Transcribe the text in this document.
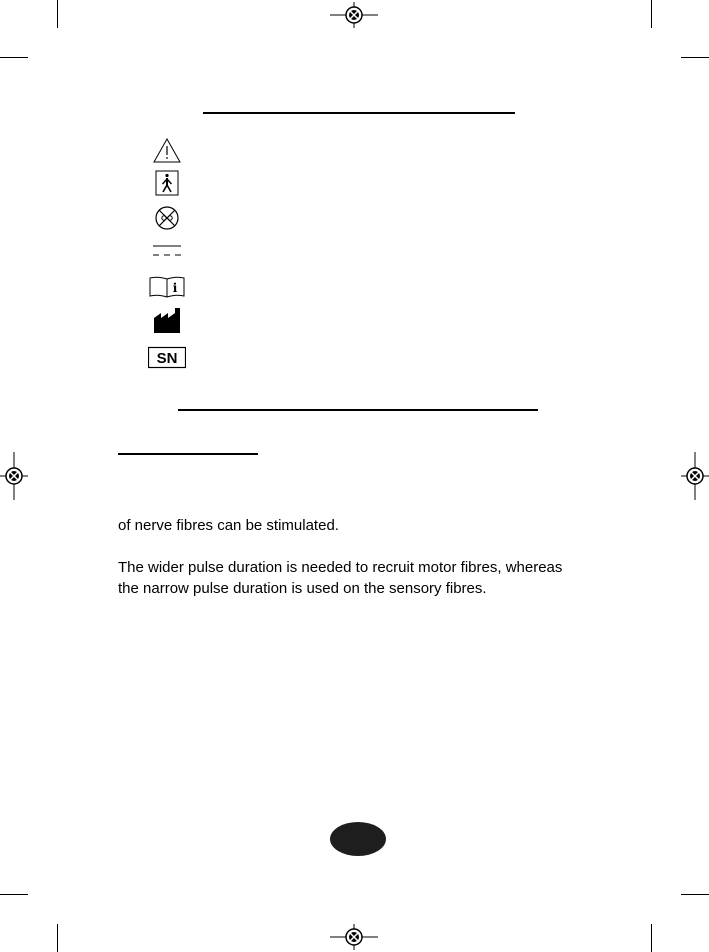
i
SN
of nerve fibres can be stimulated.
The wider pulse duration is needed to recruit motor fibres, whereas
the narrow pulse duration is used on the sensory fibres.
